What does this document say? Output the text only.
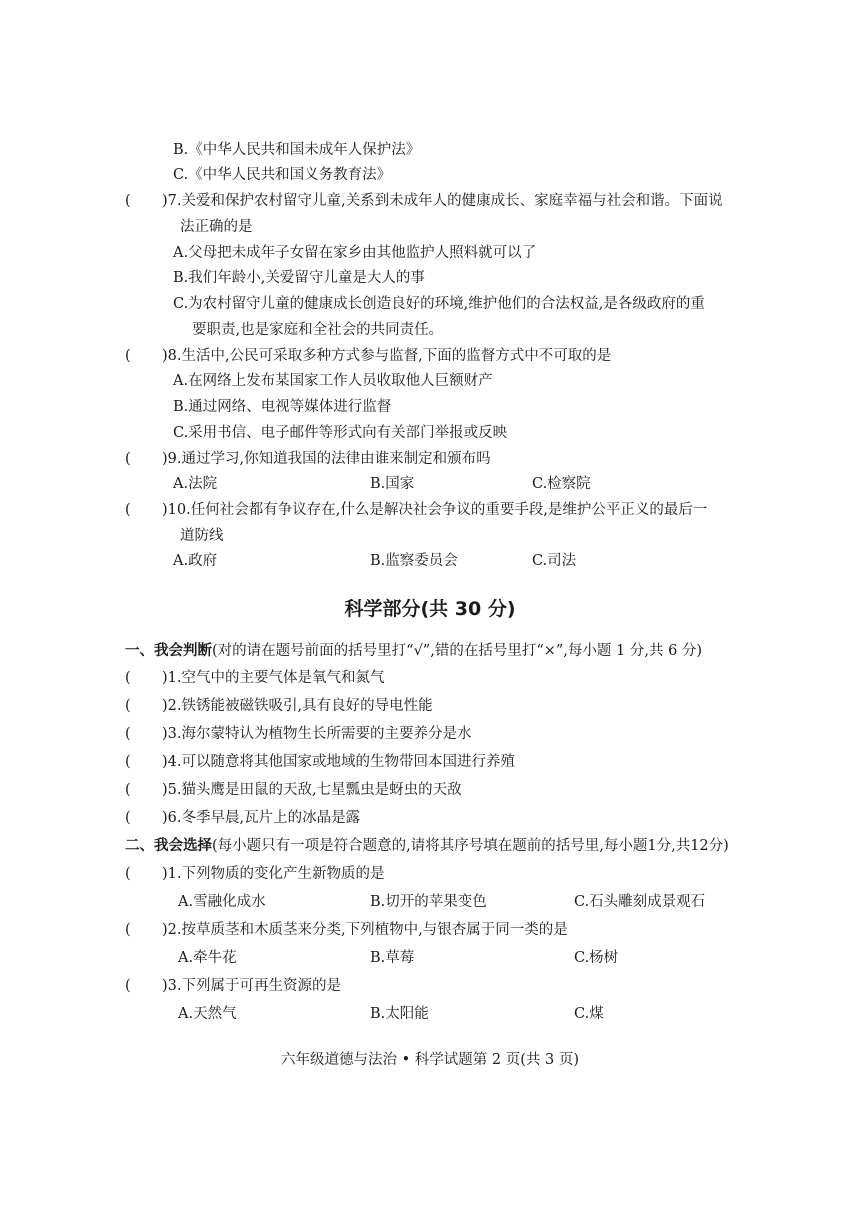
B.《中华人民共和国未成年人保护法》
C.《中华人民共和国义务教育法》
( )7.关爱和保护农村留守儿童,关系到未成年人的健康成长、家庭幸福与社会和谐。下面说
法正确的是
A.父母把未成年子女留在家乡由其他监护人照料就可以了
B.我们年龄小,关爱留守儿童是大人的事
C.为农村留守儿童的健康成长创造良好的环境,维护他们的合法权益,是各级政府的重
要职责,也是家庭和全社会的共同责任。
( )8.生活中,公民可采取多种方式参与监督,下面的监督方式中不可取的是
A.在网络上发布某国家工作人员收取他人巨额财产
B.通过网络、电视等媒体进行监督
C.采用书信、电子邮件等形式向有关部门举报或反映
( )9.通过学习,你知道我国的法律由谁来制定和颁布吗
A.法院	B.国家	C.检察院
( )10.任何社会都有争议存在,什么是解决社会争议的重要手段,是维护公平正义的最后一
道防线
A.政府	B.监察委员会	C.司法
科学部分(共 30 分)
一、我会判断(对的请在题号前面的括号里打“√”,错的在括号里打“×”,每小题 1 分,共 6 分)
( )1.空气中的主要气体是氧气和氮气
( )2.铁锈能被磁铁吸引,具有良好的导电性能
( )3.海尔蒙特认为植物生长所需要的主要养分是水
( )4.可以随意将其他国家或地域的生物带回本国进行养殖
( )5.猫头鹰是田鼠的天敌,七星瓢虫是蚜虫的天敌
( )6.冬季早晨,瓦片上的冰晶是露
二、我会选择(每小题只有一项是符合题意的,请将其序号填在题前的括号里,每小题1分,共12分)
( )1.下列物质的变化产生新物质的是
A.雪融化成水	B.切开的苹果变色	C.石头雕刻成景观石
( )2.按草质茎和木质茎来分类,下列植物中,与银杏属于同一类的是
A.牵牛花	B.草莓	C.杨树
( )3.下列属于可再生资源的是
A.天然气	B.太阳能	C.煤
六年级道德与法治 • 科学试题第 2 页(共 3 页)
